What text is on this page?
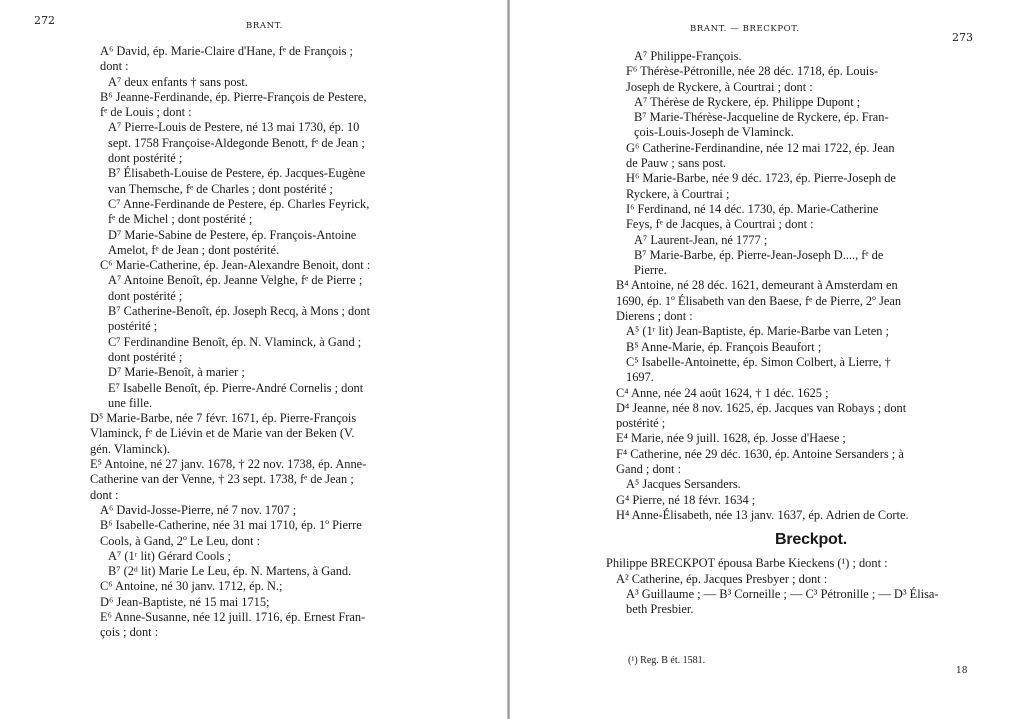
272	BRANT.
A⁶ David, ép. Marie-Claire d'Hane, fᵉ de François ;
dont :
A⁷ deux enfants † sans post.
B⁶ Jeanne-Ferdinande, ép. Pierre-François de Pestere,
fᵉ de Louis ; dont :
A⁷ Pierre-Louis de Pestere, né 13 mai 1730, ép. 10
sept. 1758 Françoise-Aldegonde Benott, fᵉ de Jean ;
dont postérité ;
B⁷ Élisabeth-Louise de Pestere, ép. Jacques-Eugène
van Themsche, fᵉ de Charles ; dont postérité ;
C⁷ Anne-Ferdinande de Pestere, ép. Charles Feyrick,
fᵉ de Michel ; dont postérité ;
D⁷ Marie-Sabine de Pestere, ép. François-Antoine
Amelot, fᵉ de Jean ; dont postérité.
C⁶ Marie-Catherine, ép. Jean-Alexandre Benoit, dont :
A⁷ Antoine Benoît, ép. Jeanne Velghe, fᵉ de Pierre ;
dont postérité ;
B⁷ Catherine-Benoît, ép. Joseph Recq, à Mons ; dont
postérité ;
C⁷ Ferdinandine Benoît, ép. N. Vlaminck, à Gand ;
dont postérité ;
D⁷ Marie-Benoît, à marier ;
E⁷ Isabelle Benoît, ép. Pierre-André Cornelis ; dont
une fille.
D⁵ Marie-Barbe, née 7 févr. 1671, ép. Pierre-François
Vlaminck, fᵉ de Liévin et de Marie van der Beken (V.
gén. Vlaminck).
E⁵ Antoine, né 27 janv. 1678, † 22 nov. 1738, ép. Anne-
Catherine van der Venne, † 23 sept. 1738, fᵉ de Jean ;
dont :
A⁶ David-Josse-Pierre, né 7 nov. 1707 ;
B⁶ Isabelle-Catherine, née 31 mai 1710, ép. 1º Pierre
Cools, à Gand, 2º Le Leu, dont :
A⁷ (1ʳ lit) Gérard Cools ;
B⁷ (2ᵈ lit) Marie Le Leu, ép. N. Martens, à Gand.
C⁶ Antoine, né 30 janv. 1712, ép. N.;
D⁶ Jean-Baptiste, né 15 mai 1715;
E⁶ Anne-Susanne, née 12 juill. 1716, ép. Ernest Fran-
çois ; dont :
BRANT. — BRECKPOT.
273
A⁷ Philippe-François.
F⁶ Thérèse-Pétronille, née 28 déc. 1718, ép. Louis-
Joseph de Ryckere, à Courtrai ; dont :
A⁷ Thérèse de Ryckere, ép. Philippe Dupont ;
B⁷ Marie-Thérèse-Jacqueline de Ryckere, ép. Fran-
çois-Louis-Joseph de Vlaminck.
G⁶ Catherine-Ferdinandine, née 12 mai 1722, ép. Jean
de Pauw ; sans post.
H⁶ Marie-Barbe, née 9 déc. 1723, ép. Pierre-Joseph de
Ryckere, à Courtrai ;
I⁶ Ferdinand, né 14 déc. 1730, ép. Marie-Catherine
Feys, fᵉ de Jacques, à Courtrai ; dont :
A⁷ Laurent-Jean, né 1777 ;
B⁷ Marie-Barbe, ép. Pierre-Jean-Joseph D...., fᵉ de
Pierre.
B⁴ Antoine, né 28 déc. 1621, demeurant à Amsterdam en
1690, ép. 1º Élisabeth van den Baese, fᵉ de Pierre, 2º Jean
Dierens ; dont :
A⁵ (1ʳ lit) Jean-Baptiste, ép. Marie-Barbe van Leten ;
B⁵ Anne-Marie, ép. François Beaufort ;
C⁵ Isabelle-Antoinette, ép. Simon Colbert, à Lierre, †
1697.
C⁴ Anne, née 24 août 1624, † 1 déc. 1625 ;
D⁴ Jeanne, née 8 nov. 1625, ép. Jacques van Robays ; dont
postérité ;
E⁴ Marie, née 9 juill. 1628, ép. Josse d'Haese ;
F⁴ Catherine, née 29 déc. 1630, ép. Antoine Sersanders ; à
Gand ; dont :
A⁵ Jacques Sersanders.
G⁴ Pierre, né 18 févr. 1634 ;
H⁴ Anne-Élisabeth, née 13 janv. 1637, ép. Adrien de Corte.
Breckpot.
Philippe BRECKPOT épousa Barbe Kieckens (¹) ; dont :
A² Catherine, ép. Jacques Presbyer ; dont :
A³ Guillaume ; — B³ Corneille ; — C³ Pétronille ; — D³ Élisa-
beth Presbier.
(¹) Reg. B ét. 1581.
18
